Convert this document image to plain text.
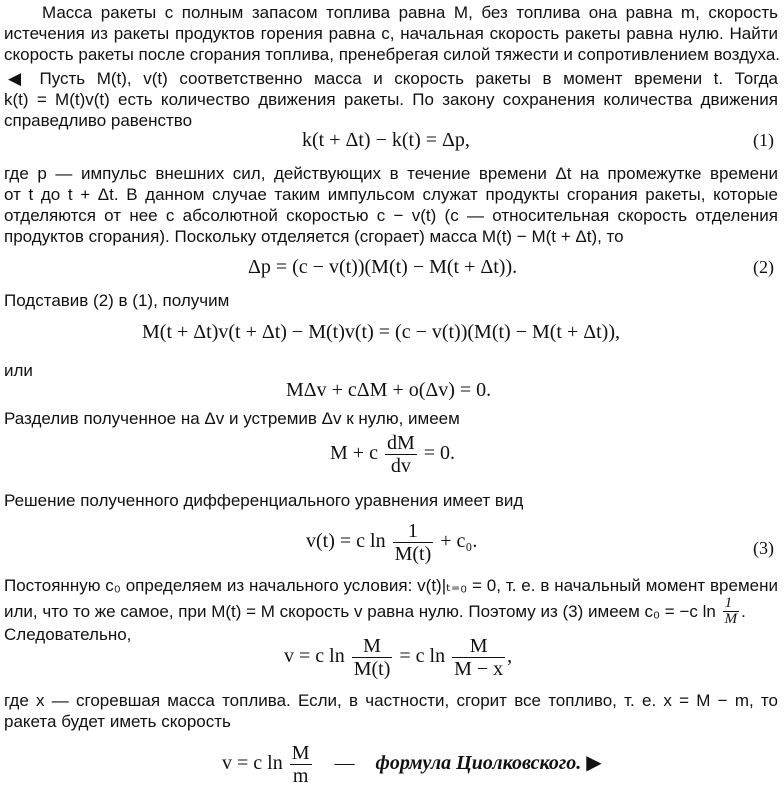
Масса ракеты с полным запасом топлива равна M, без топлива она равна m, скорость
истечения из ракеты продуктов горения равна c, начальная скорость ракеты равна нулю. Найти
скорость ракеты после сгорания топлива, пренебрегая силой тяжести и сопротивлением воздуха.
◀ Пусть M(t), v(t) соответственно масса и скорость ракеты в момент времени t. Тогда
k(t) = M(t)v(t) есть количество движения ракеты. По закону сохранения количества движения
справедливо равенство
k(t + Δt) − k(t) = Δp,	(1)
где p — импульс внешних сил, действующих в течение времени Δt на промежутке времени
от t до t + Δt. В данном случае таким импульсом служат продукты сгорания ракеты, которые
отделяются от нее с абсолютной скоростью c − v(t) (c — относительная скорость отделения
продуктов сгорания). Поскольку отделяется (сгорает) масса M(t) − M(t + Δt), то
Δp = (c − v(t))(M(t) − M(t + Δt)).	(2)
Подставив (2) в (1), получим
M(t + Δt)v(t + Δt) − M(t)v(t) = (c − v(t))(M(t) − M(t + Δt)),
или
MΔv + cΔM + o(Δv) = 0.
Разделив полученное на Δv и устремив Δv к нулю, имеем
M + c $\frac{dM}{dv} = 0$.
Решение полученного дифференциального уравнения имеет вид
v(t) = c $\ln \frac{1}{M(t)} + c_0$.	(3)
Постоянную c₀ определяем из начального условия: v(t)|ₜ₌₀ = 0, т. е. в начальный момент времени
или, что то же самое, при M(t) = M скорость v равна нулю. Поэтому из (3) имеем c₀ = −c $\ln \frac{1}{M}$ .
Следовательно,
v = c $\ln \frac{M}{M(t)} = c$ $\ln \frac{M}{M - x}$ ,
где x — сгоревшая масса топлива. Если, в частности, сгорит все топливо, т. е. x = M − m, то
ракета будет иметь скорость
v = c $\ln \frac{M}{m}$ — формула Циолковского. ▶
